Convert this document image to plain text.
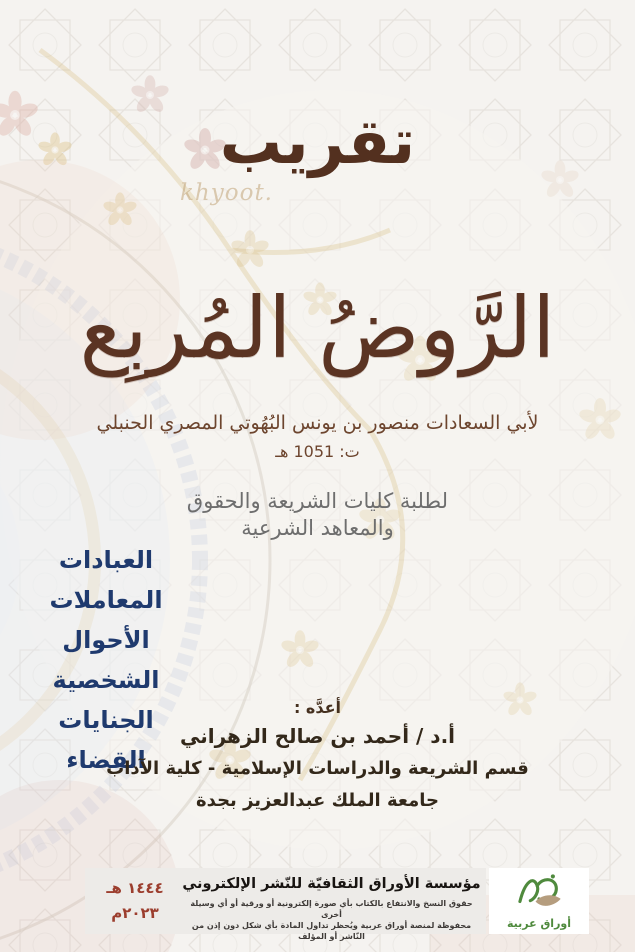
khyoot.
تقريب
الرَّوضُ المُربِع
لأبي السعادات منصور بن يونس البُهُوتي المصري الحنبلي
ت: 1051 هـ
لطلبة كليات الشريعة والحقوق
والمعاهد الشرعية
العبادات
المعاملات
الأحوال الشخصية
الجنايات
القضاء
أعدَّه :
أ.د / أحمد بن صالح الزهراني
قسم الشريعة والدراسات الإسلامية - كلية الآداب
جامعة الملك عبدالعزيز بجدة
١٤٤٤ هـ
٢٠٢٣م
مؤسسة الأوراق الثقافيّة للنّشر الإلكتروني
حقوق النسخ والانتفاع بالكتاب بأي صورة إلكترونية أو ورقية أو أي وسيلة أخرى
محفوظة لمنصة أوراق عربية ويُحظر تداول المادة بأي شكل دون إذن من النّاشر أو المؤلف
أوراق عربية
